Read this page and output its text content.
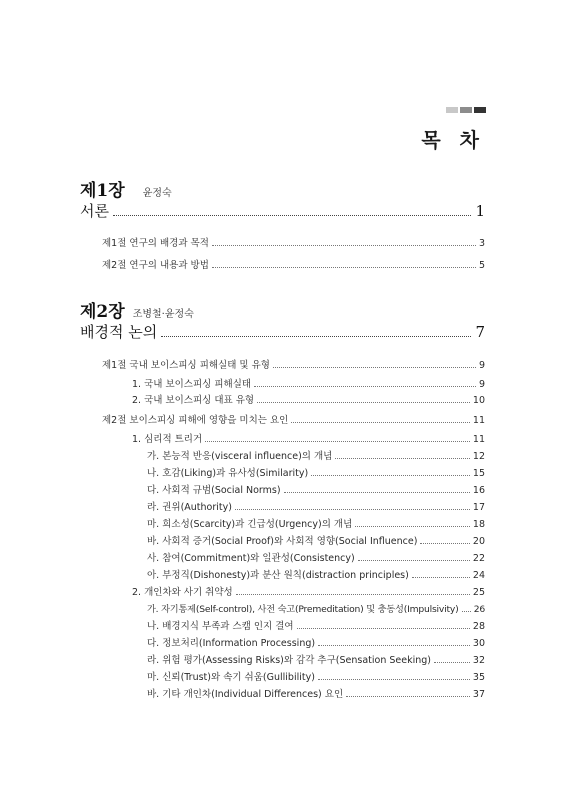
목 차
제1장 윤정숙
서론	1
제1절 연구의 배경과 목적	3
제2절 연구의 내용과 방법	5
제2장 조병철·윤정숙
배경적 논의	7
제1절 국내 보이스피싱 피해실태 및 유형	9
1. 국내 보이스피싱 피해실태	9
2. 국내 보이스피싱 대표 유형	10
제2절 보이스피싱 피해에 영향을 미치는 요인	11
1. 심리적 트리거	11
가. 본능적 반응(visceral influence)의 개념	12
나. 호감(Liking)과 유사성(Similarity)	15
다. 사회적 규범(Social Norms)	16
라. 권위(Authority)	17
마. 희소성(Scarcity)과 긴급성(Urgency)의 개념	18
바. 사회적 증거(Social Proof)와 사회적 영향(Social Influence)	20
사. 참여(Commitment)와 일관성(Consistency)	22
아. 부정직(Dishonesty)과 분산 원칙(distraction principles)	24
2. 개인차와 사기 취약성	25
가. 자기통제(Self-control), 사전 숙고(Premeditation) 및 충동성(Impulsivity) 26
나. 배경지식 부족과 스캠 인지 결여	28
다. 정보처리(Information Processing)	30
라. 위험 평가(Assessing Risks)와 감각 추구(Sensation Seeking)	32
마. 신뢰(Trust)와 속기 쉬움(Gullibility)	35
바. 기타 개인차(Individual Differences) 요인	37
